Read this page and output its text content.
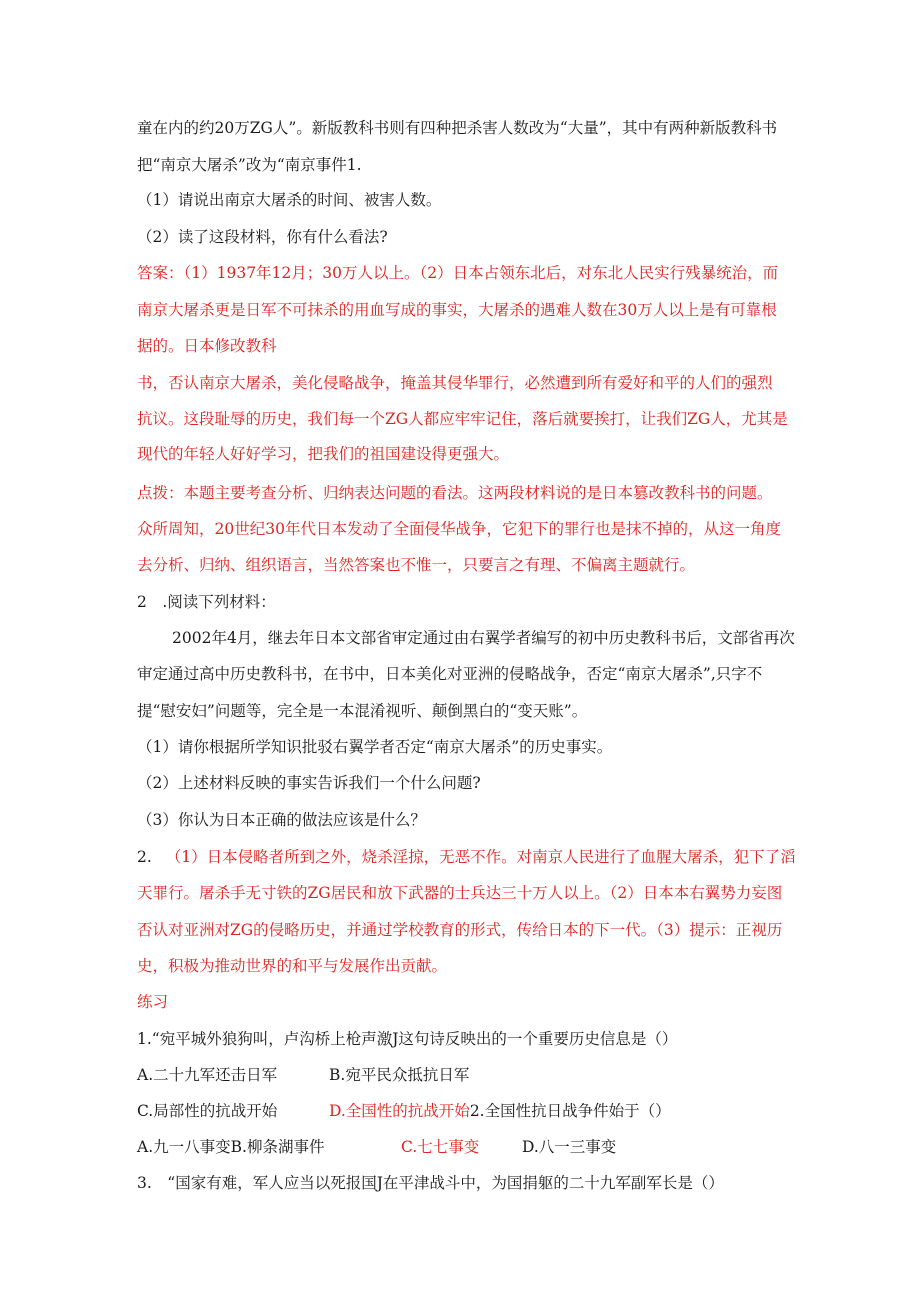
童在内的约20万ZG人”。新版教科书则有四种把杀害人数改为“大量”，其中有两种新版教科书
把“南京大屠杀”改为“南京事件1.
（1）请说出南京大屠杀的时间、被害人数。
（2）读了这段材料，你有什么看法?
答案：（1）1937年12月；30万人以上。（2）日本占领东北后，对东北人民实行残暴统治，而
南京大屠杀更是日军不可抹杀的用血写成的事实，大屠杀的遇难人数在30万人以上是有可靠根
据的。日本修改教科
书，否认南京大屠杀，美化侵略战争，掩盖其侵华罪行，必然遭到所有爱好和平的人们的强烈
抗议。这段耻辱的历史，我们每一个ZG人都应牢牢记住，落后就要挨打，让我们ZG人，尤其是
现代的年轻人好好学习，把我们的祖国建设得更强大。
点拨：本题主要考查分析、归纳表达问题的看法。这两段材料说的是日本篡改教科书的问题。
众所周知，20世纪30年代日本发动了全面侵华战争，它犯下的罪行也是抹不掉的，从这一角度
去分析、归纳、组织语言，当然答案也不惟一，只要言之有理、不偏离主题就行。
2　.阅读下列材料：
2002年4月，继去年日本文部省审定通过由右翼学者编写的初中历史教科书后，文部省再次
审定通过高中历史教科书，在书中，日本美化对亚洲的侵略战争，否定“南京大屠杀”,只字不
提“慰安妇”问题等，完全是一本混淆视听、颠倒黑白的“变天账”。
（1）请你根据所学知识批驳右翼学者否定“南京大屠杀”的历史事实。
（2）上述材料反映的事实告诉我们一个什么问题?
（3）你认为日本正确的做法应该是什么？
2. （1）日本侵略者所到之外，烧杀淫掠，无恶不作。对南京人民进行了血腥大屠杀，犯下了滔
天罪行。屠杀手无寸铁的ZG居民和放下武器的士兵达三十万人以上。（2）日本本右翼势力妄图
否认对亚洲对ZG的侵略历史，并通过学校教育的形式，传给日本的下一代。（3）提示：正视历
史，积极为推动世界的和平与发展作出贡献。
练习
1.“宛平城外狼狗叫，卢沟桥上枪声激J这句诗反映出的一个重要历史信息是（）
A.二十九军还击日军	B.宛平民众抵抗日军
C.局部性的抗战开始	D.全国性的抗战开始2.全国性抗日战争件始于（）
A.九一八事变B.柳条湖事件	C.七七事变	D.八一三事变
3.　“国家有难，军人应当以死报国J在平津战斗中，为国捐躯的二十九军副军长是（）
